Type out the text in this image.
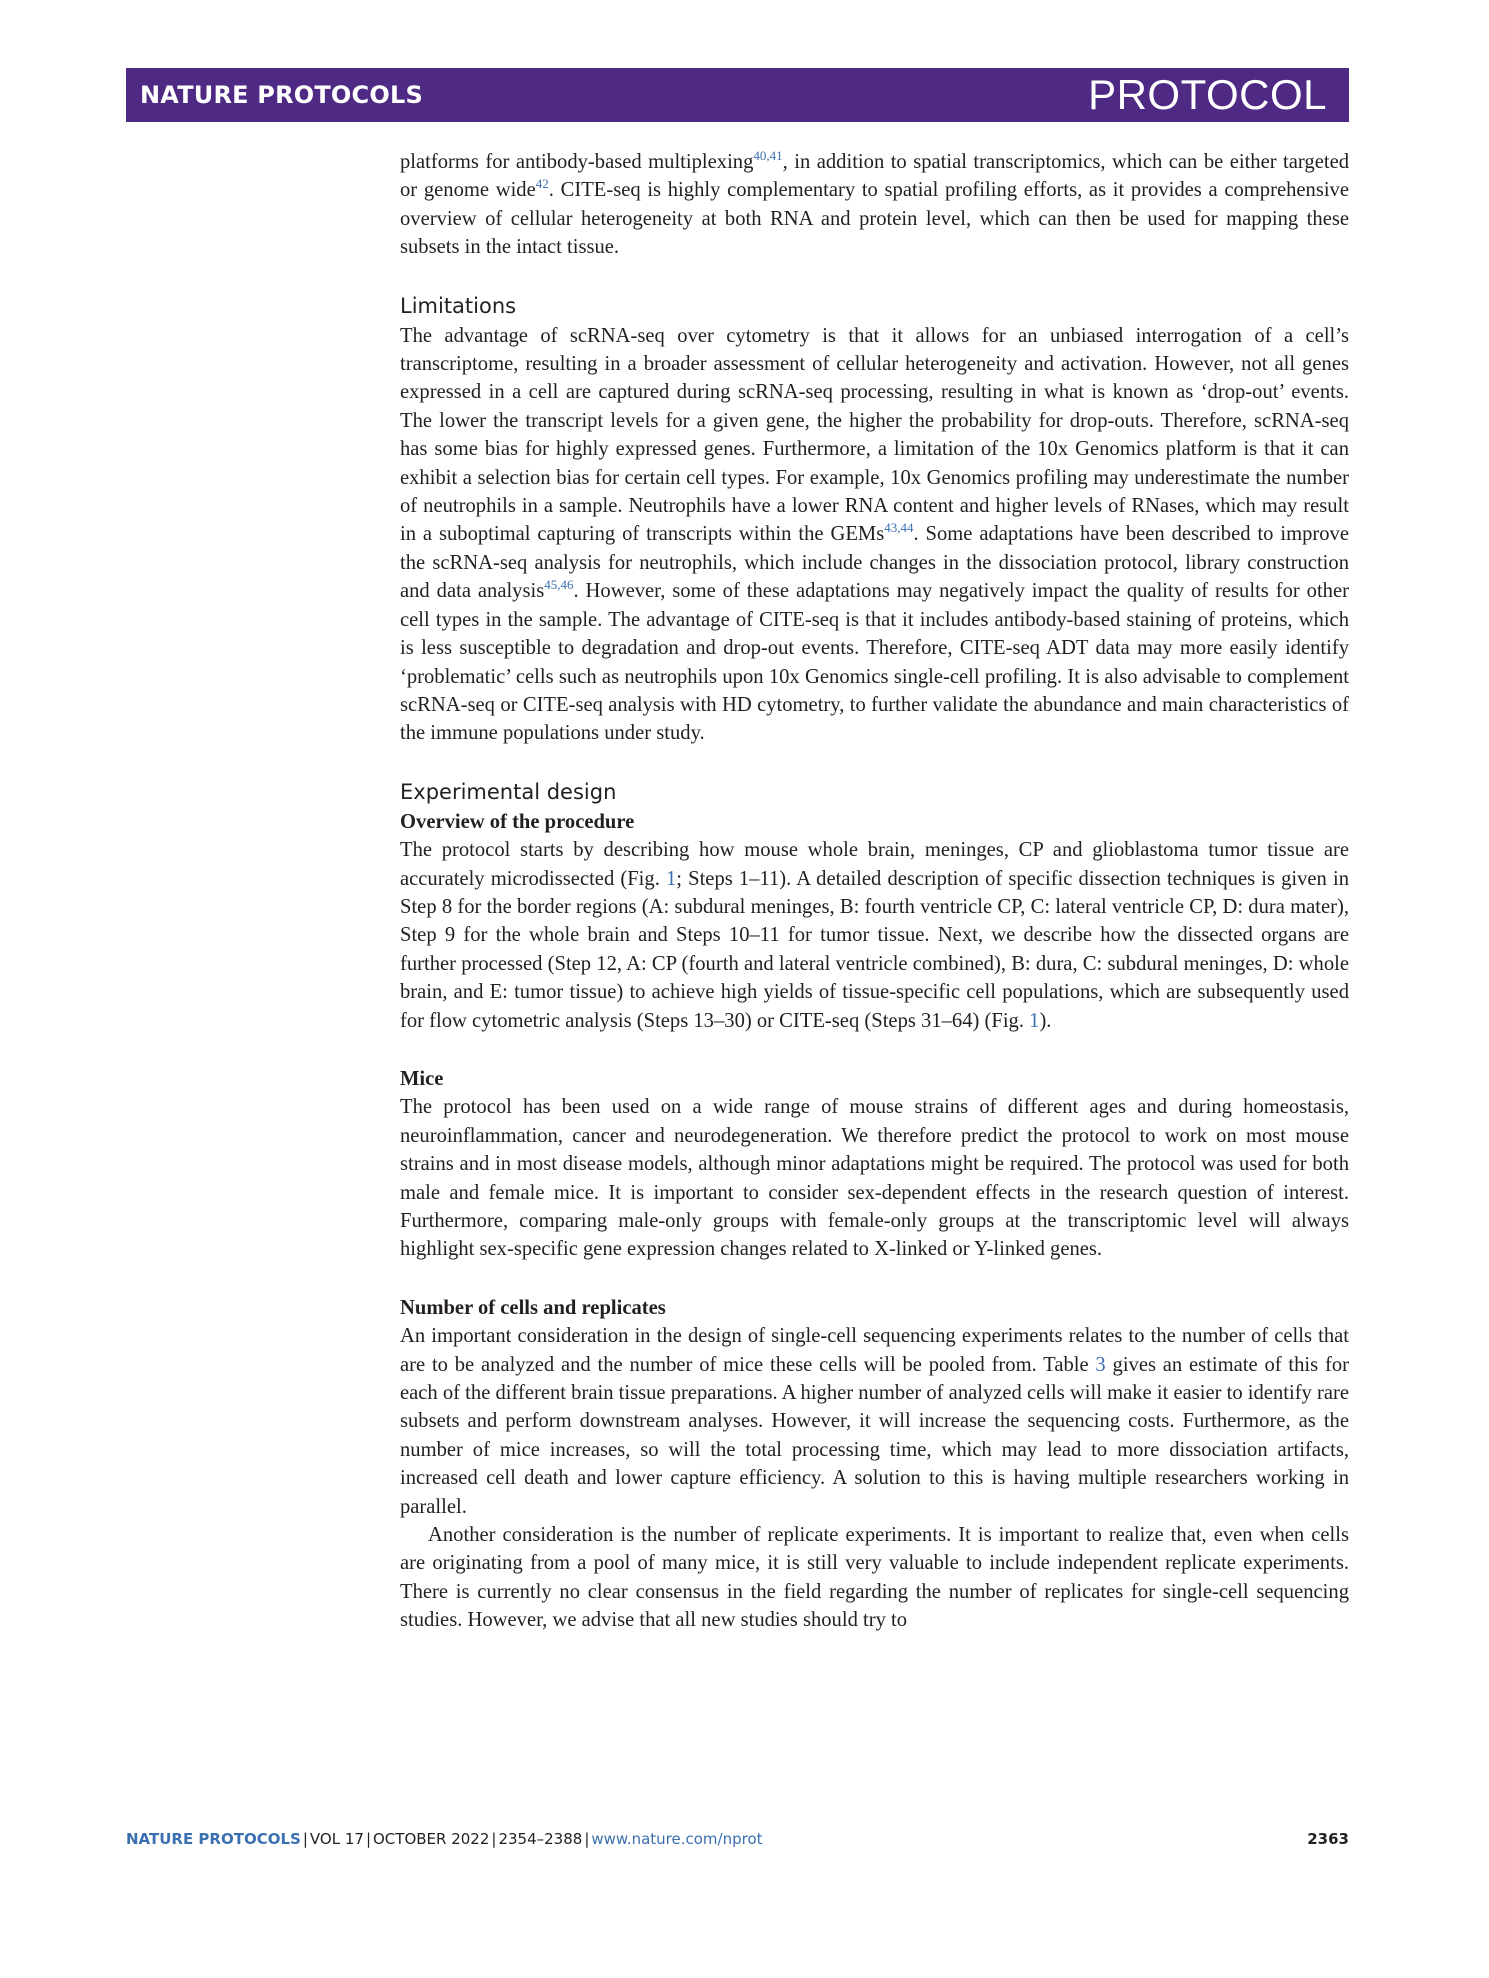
NATURE PROTOCOLS	PROTOCOL

platforms for antibody-based multiplexing$^{40,41}$, in addition to spatial transcriptomics, which can be either targeted or genome wide$^{42}$. CITE-seq is highly complementary to spatial profiling efforts, as it provides a comprehensive overview of cellular heterogeneity at both RNA and protein level, which can then be used for mapping these subsets in the intact tissue.

Limitations

The advantage of scRNA-seq over cytometry is that it allows for an unbiased interrogation of a cell’s transcriptome, resulting in a broader assessment of cellular heterogeneity and activation. However, not all genes expressed in a cell are captured during scRNA-seq processing, resulting in what is known as ‘drop-out’ events. The lower the transcript levels for a given gene, the higher the probability for drop-outs. Therefore, scRNA-seq has some bias for highly expressed genes. Furthermore, a limitation of the 10x Genomics platform is that it can exhibit a selection bias for certain cell types. For example, 10x Genomics profiling may underestimate the number of neutrophils in a sample. Neutrophils have a lower RNA content and higher levels of RNases, which may result in a suboptimal capturing of transcripts within the GEMs$^{43,44}$. Some adaptations have been described to improve the scRNA-seq analysis for neutrophils, which include changes in the dissociation protocol, library construction and data analysis$^{45,46}$. However, some of these adaptations may negatively impact the quality of results for other cell types in the sample. The advantage of CITE-seq is that it includes antibody-based staining of proteins, which is less susceptible to degradation and drop-out events. Therefore, CITE-seq ADT data may more easily identify ‘problematic’ cells such as neutrophils upon 10x Genomics single-cell profiling. It is also advisable to complement scRNA-seq or CITE-seq analysis with HD cytometry, to further validate the abundance and main characteristics of the immune populations under study.

Experimental design
Overview of the procedure

The protocol starts by describing how mouse whole brain, meninges, CP and glioblastoma tumor tissue are accurately microdissected (Fig. 1; Steps 1–11). A detailed description of specific dissection techniques is given in Step 8 for the border regions (A: subdural meninges, B: fourth ventricle CP, C: lateral ventricle CP, D: dura mater), Step 9 for the whole brain and Steps 10–11 for tumor tissue. Next, we describe how the dissected organs are further processed (Step 12, A: CP (fourth and lateral ventricle combined), B: dura, C: subdural meninges, D: whole brain, and E: tumor tissue) to achieve high yields of tissue-specific cell populations, which are subsequently used for flow cytometric analysis (Steps 13–30) or CITE-seq (Steps 31–64) (Fig. 1).

Mice

The protocol has been used on a wide range of mouse strains of different ages and during homeostasis, neuroinflammation, cancer and neurodegeneration. We therefore predict the protocol to work on most mouse strains and in most disease models, although minor adaptations might be required. The protocol was used for both male and female mice. It is important to consider sex-dependent effects in the research question of interest. Furthermore, comparing male-only groups with female-only groups at the transcriptomic level will always highlight sex-specific gene expression changes related to X-linked or Y-linked genes.

Number of cells and replicates

An important consideration in the design of single-cell sequencing experiments relates to the number of cells that are to be analyzed and the number of mice these cells will be pooled from. Table 3 gives an estimate of this for each of the different brain tissue preparations. A higher number of analyzed cells will make it easier to identify rare subsets and perform downstream analyses. However, it will increase the sequencing costs. Furthermore, as the number of mice increases, so will the total processing time, which may lead to more dissociation artifacts, increased cell death and lower capture efficiency. A solution to this is having multiple researchers working in parallel.

Another consideration is the number of replicate experiments. It is important to realize that, even when cells are originating from a pool of many mice, it is still very valuable to include independent replicate experiments. There is currently no clear consensus in the field regarding the number of replicates for single-cell sequencing studies. However, we advise that all new studies should try to

NATURE PROTOCOLS | VOL 17 | OCTOBER 2022 | 2354–2388 | www.nature.com/nprot	2363
